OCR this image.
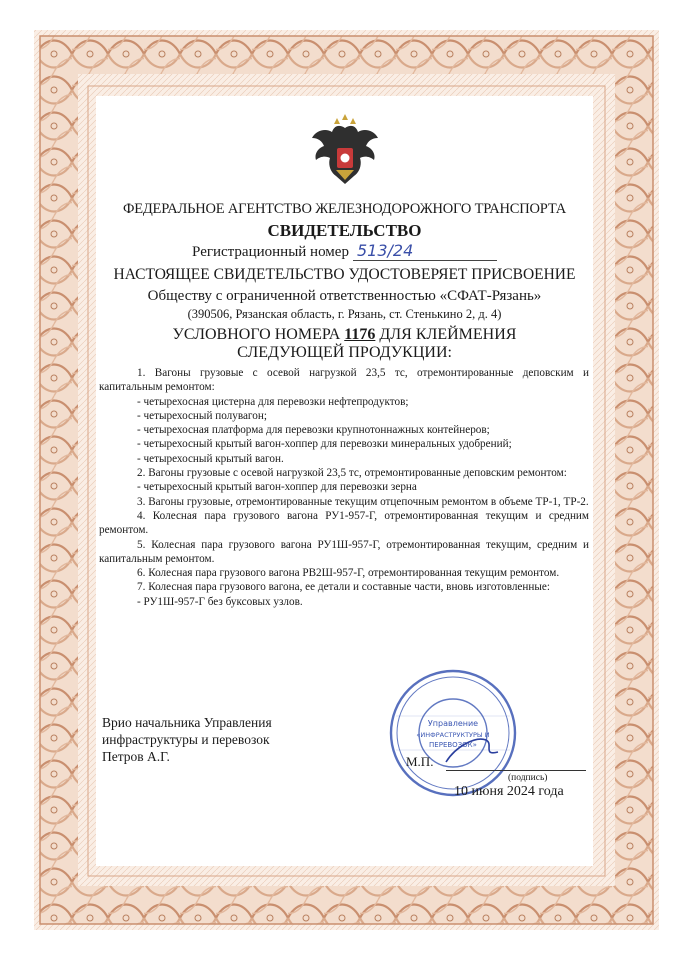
ФЕДЕРАЛЬНОЕ АГЕНТСТВО ЖЕЛЕЗНОДОРОЖНОГО ТРАНСПОРТА
СВИДЕТЕЛЬСТВО
Регистрационный номер 513/24
НАСТОЯЩЕЕ СВИДЕТЕЛЬСТВО УДОСТОВЕРЯЕТ ПРИСВОЕНИЕ
Обществу с ограниченной ответственностью «СФАТ-Рязань»
(390506, Рязанская область, г. Рязань, ст. Стенькино 2, д. 4)
УСЛОВНОГО НОМЕРА 1176 ДЛЯ КЛЕЙМЕНИЯ
СЛЕДУЮЩЕЙ ПРОДУКЦИИ:

1. Вагоны грузовые с осевой нагрузкой 23,5 тс, отремонтированные деповским и капитальным ремонтом:

- четырехосная цистерна для перевозки нефтепродуктов;

- четырехосный полувагон;

- четырехосная платформа для перевозки крупнотоннажных контейнеров;

- четырехосный крытый вагон-хоппер для перевозки минеральных удобрений;

- четырехосный крытый вагон.

2. Вагоны грузовые с осевой нагрузкой 23,5 тс, отремонтированные деповским ремонтом:

- четырехосный крытый вагон-хоппер для перевозки зерна

3. Вагоны грузовые, отремонтированные текущим отцепочным ремонтом в объеме ТР-1, ТР-2.

4. Колесная пара грузового вагона РУ1-957-Г, отремонтированная текущим и средним ремонтом.

5. Колесная пара грузового вагона РУ1Ш-957-Г, отремонтированная текущим, средним и капитальным ремонтом.

6. Колесная пара грузового вагона РВ2Ш-957-Г, отремонтированная текущим ремонтом.

7. Колесная пара грузового вагона, ее детали и составные части, вновь изготовленные:

- РУ1Ш-957-Г без буксовых узлов.

Врио начальника Управления
инфраструктуры и перевозок
Петров А.Г.
Управление
«ИНФРАСТРУКТУРЫ И
ПЕРЕВОЗОК»
М.П.
(подпись)
10 июня 2024 года
